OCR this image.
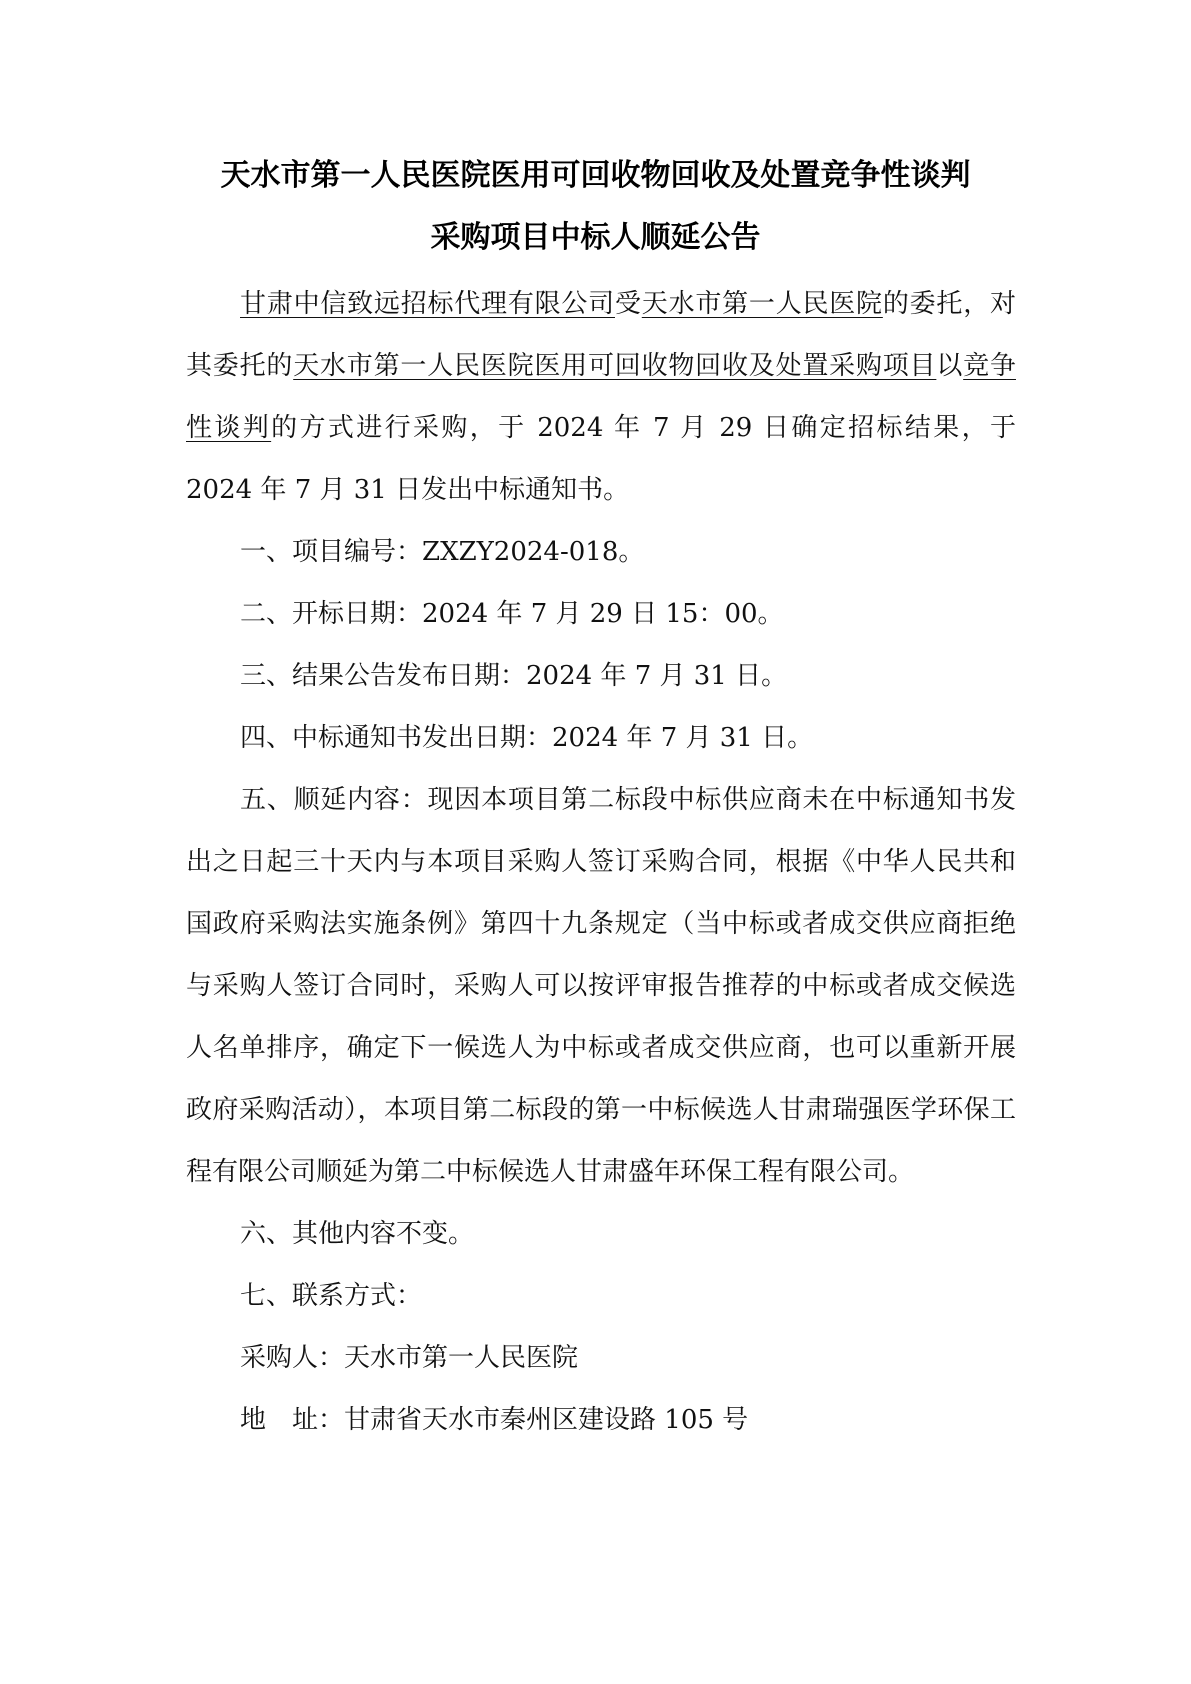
天水市第一人民医院医用可回收物回收及处置竞争性谈判
采购项目中标人顺延公告

甘肃中信致远招标代理有限公司受天水市第一人民医院的委托，对其委托的天水市第一人民医院医用可回收物回收及处置采购项目以竞争性谈判的方式进行采购，于 2024 年 7 月 29 日确定招标结果，于 2024 年 7 月 31 日发出中标通知书。

一、项目编号：ZXZY2024-018。

二、开标日期：2024 年 7 月 29 日 15：00。

三、结果公告发布日期：2024 年 7 月 31 日。

四、中标通知书发出日期：2024 年 7 月 31 日。

五、顺延内容：现因本项目第二标段中标供应商未在中标通知书发出之日起三十天内与本项目采购人签订采购合同，根据《中华人民共和国政府采购法实施条例》第四十九条规定（当中标或者成交供应商拒绝与采购人签订合同时，采购人可以按评审报告推荐的中标或者成交候选人名单排序，确定下一候选人为中标或者成交供应商，也可以重新开展政府采购活动），本项目第二标段的第一中标候选人甘肃瑞强医学环保工程有限公司顺延为第二中标候选人甘肃盛年环保工程有限公司。

六、其他内容不变。

七、联系方式：

采购人：天水市第一人民医院

地址：甘肃省天水市秦州区建设路 105 号
